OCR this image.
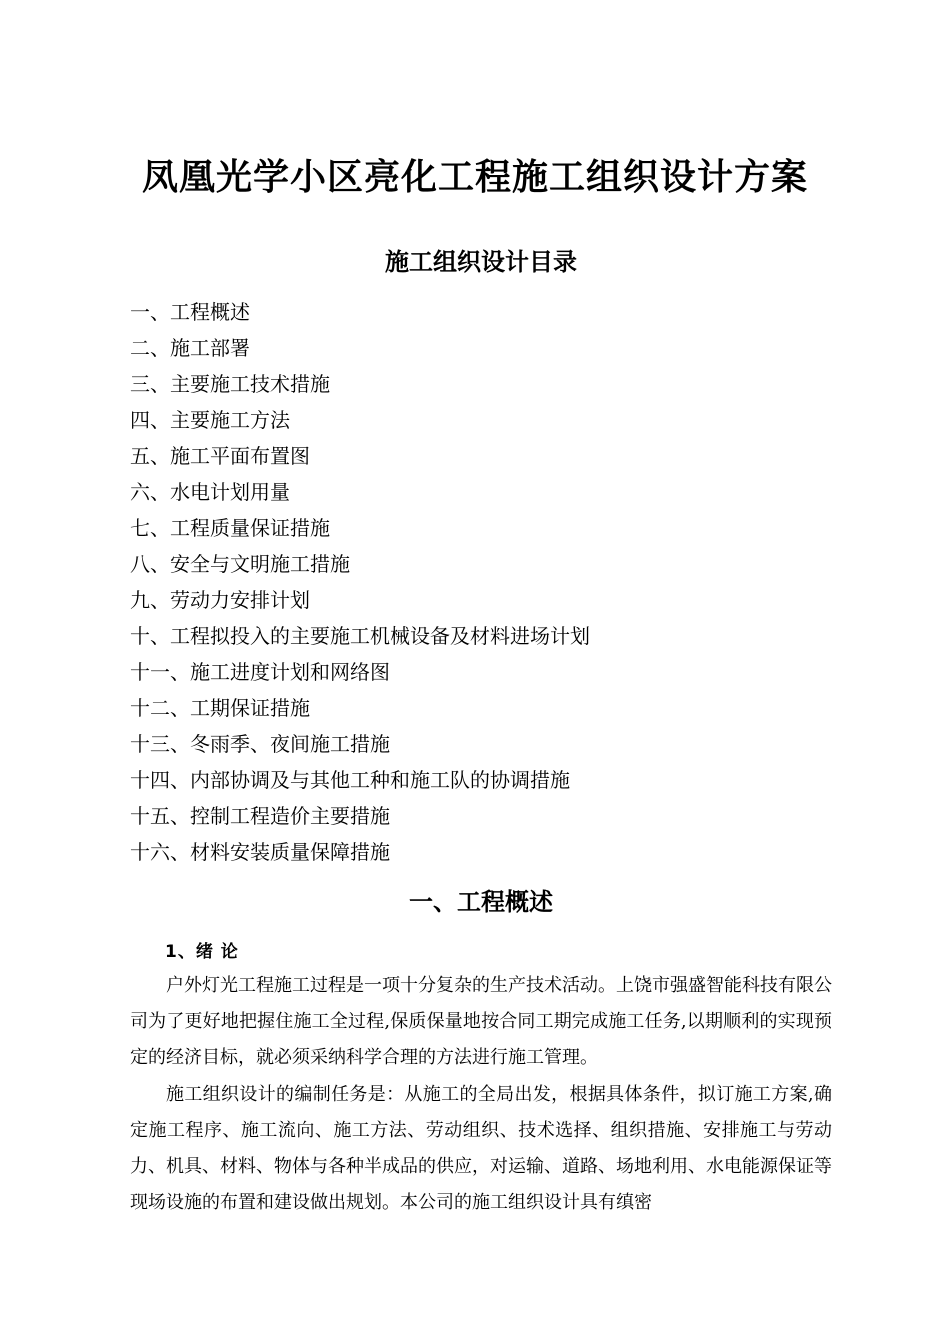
凤凰光学小区亮化工程施工组织设计方案
施工组织设计目录
一、工程概述
二、施工部署
三、主要施工技术措施
四、主要施工方法
五、施工平面布置图
六、水电计划用量
七、工程质量保证措施
八、安全与文明施工措施
九、劳动力安排计划
十、工程拟投入的主要施工机械设备及材料进场计划
十一、施工进度计划和网络图
十二、工期保证措施
十三、冬雨季、夜间施工措施
十四、内部协调及与其他工种和施工队的协调措施
十五、控制工程造价主要措施
十六、材料安装质量保障措施
一、工程概述
1、绪 论

户外灯光工程施工过程是一项十分复杂的生产技术活动。上饶市强盛智能科技有限公司为了更好地把握住施工全过程,保质保量地按合同工期完成施工任务,以期顺利的实现预定的经济目标，就必须采纳科学合理的方法进行施工管理。

施工组织设计的编制任务是：从施工的全局出发，根据具体条件，拟订施工方案,确定施工程序、施工流向、施工方法、劳动组织、技术选择、组织措施、安排施工与劳动力、机具、材料、物体与各种半成品的供应，对运输、道路、场地利用、水电能源保证等现场设施的布置和建设做出规划。本公司的施工组织设计具有缜密
